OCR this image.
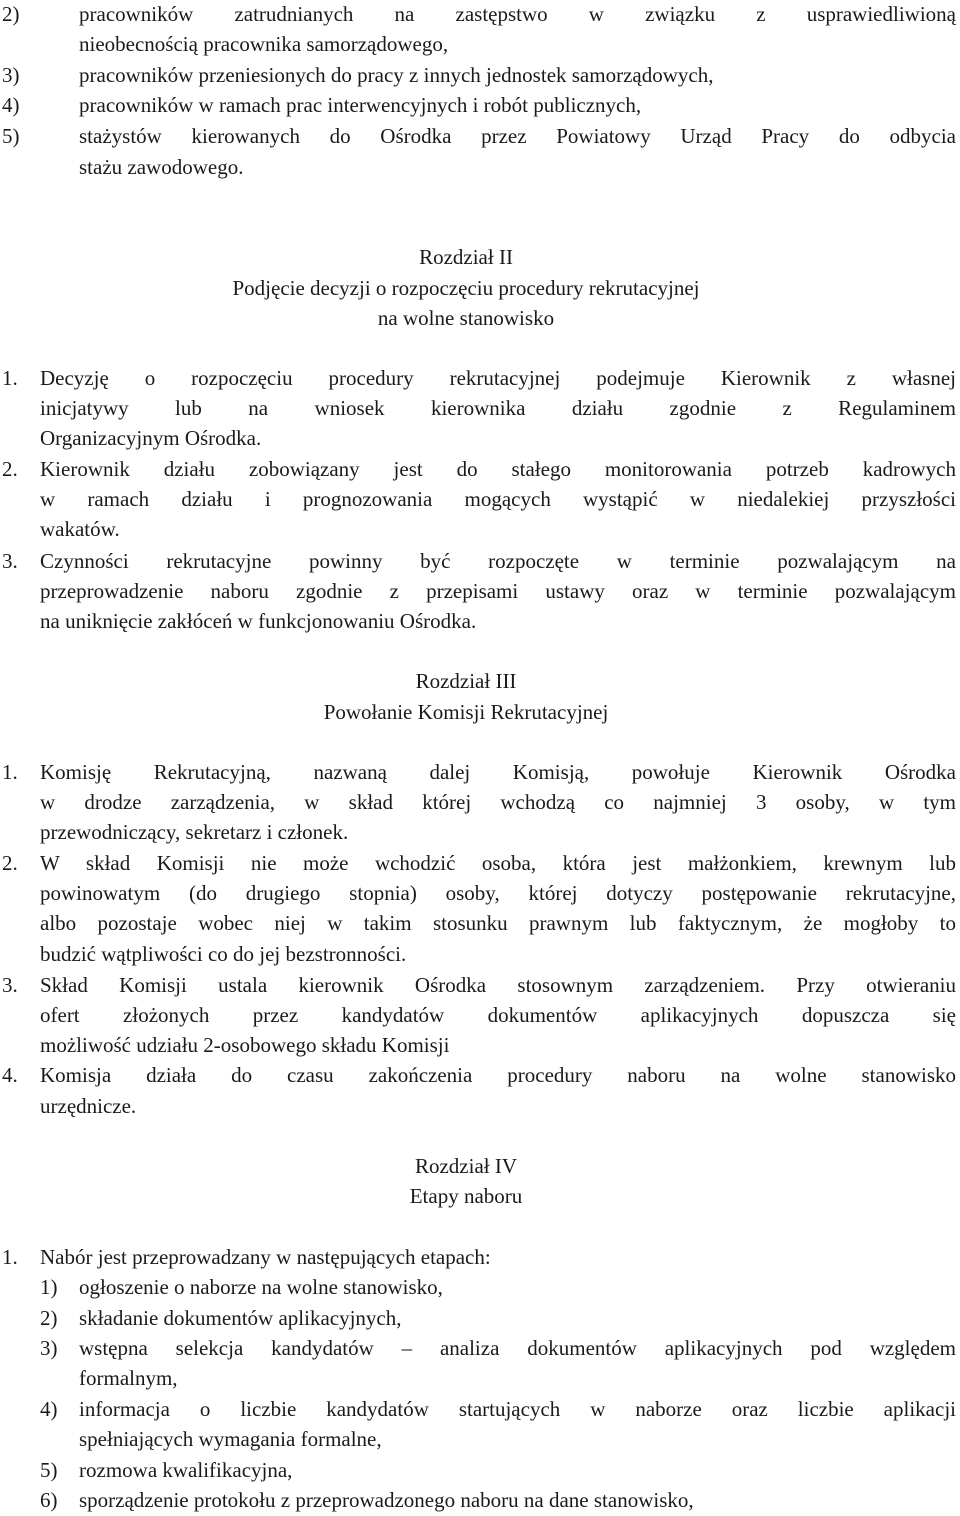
2)	pracowników zatrudnianych na zastępstwo w związku z usprawiedliwioną
nieobecnością pracownika samorządowego,
3)	pracowników przeniesionych do pracy z innych jednostek samorządowych,
4)	pracowników w ramach prac interwencyjnych i robót publicznych,
5)	stażystów kierowanych do Ośrodka przez Powiatowy Urząd Pracy do odbycia
stażu zawodowego.
Rozdział II
Podjęcie decyzji o rozpoczęciu procedury rekrutacyjnej
na wolne stanowisko
1. Decyzję o rozpoczęciu procedury rekrutacyjnej podejmuje Kierownik z własnej
inicjatywy lub na wniosek kierownika działu zgodnie z Regulaminem
Organizacyjnym Ośrodka.
2. Kierownik działu zobowiązany jest do stałego monitorowania potrzeb kadrowych
w ramach działu i prognozowania mogących wystąpić w niedalekiej przyszłości
wakatów.
3. Czynności rekrutacyjne powinny być rozpoczęte w terminie pozwalającym na
przeprowadzenie naboru zgodnie z przepisami ustawy oraz w terminie pozwalającym
na uniknięcie zakłóceń w funkcjonowaniu Ośrodka.
Rozdział III
Powołanie Komisji Rekrutacyjnej
1. Komisję Rekrutacyjną, nazwaną dalej Komisją, powołuje Kierownik Ośrodka
w drodze zarządzenia, w skład której wchodzą co najmniej 3 osoby, w tym
przewodniczący, sekretarz i członek.
2. W skład Komisji nie może wchodzić osoba, która jest małżonkiem, krewnym lub
powinowatym (do drugiego stopnia) osoby, której dotyczy postępowanie rekrutacyjne,
albo pozostaje wobec niej w takim stosunku prawnym lub faktycznym, że mogłoby to
budzić wątpliwości co do jej bezstronności.
3. Skład Komisji ustala kierownik Ośrodka stosownym zarządzeniem. Przy otwieraniu
ofert złożonych przez kandydatów dokumentów aplikacyjnych dopuszcza się
możliwość udziału 2-osobowego składu Komisji
4. Komisja działa do czasu zakończenia procedury naboru na wolne stanowisko
urzędnicze.
Rozdział IV
Etapy naboru
1. Nabór jest przeprowadzany w następujących etapach:
1) ogłoszenie o naborze na wolne stanowisko,
2) składanie dokumentów aplikacyjnych,
3) wstępna selekcja kandydatów – analiza dokumentów aplikacyjnych pod względem
formalnym,
4) informacja o liczbie kandydatów startujących w naborze oraz liczbie aplikacji
spełniających wymagania formalne,
5) rozmowa kwalifikacyjna,
6) sporządzenie protokołu z przeprowadzonego naboru na dane stanowisko,
